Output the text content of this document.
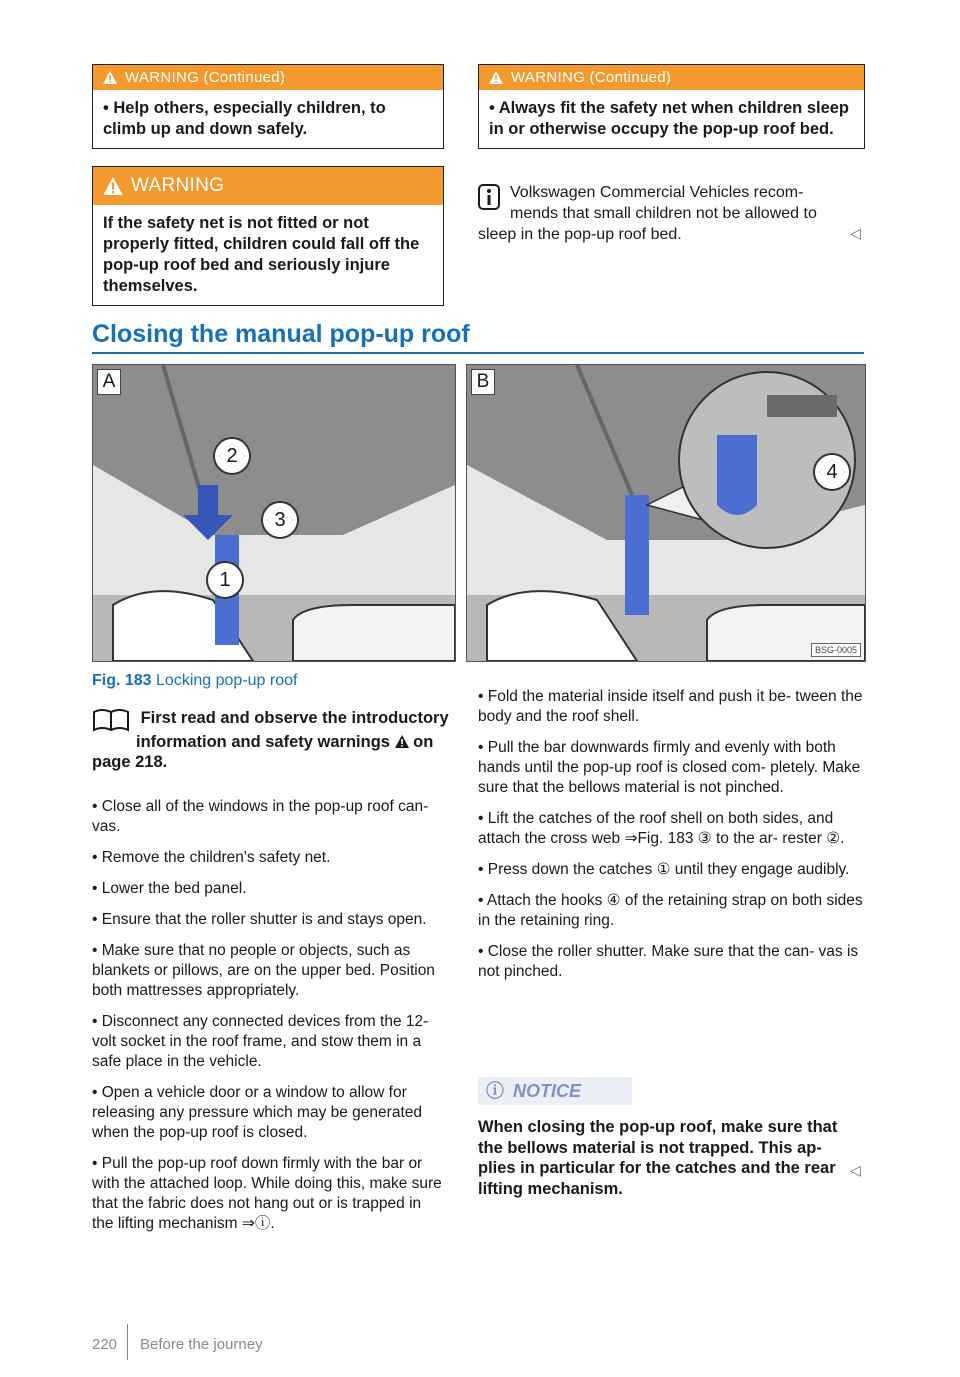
WARNING (Continued)
• Help others, especially children, to climb up and down safely.
WARNING
If the safety net is not fitted or not properly fitted, children could fall off the pop-up roof bed and seriously injure themselves.
WARNING (Continued)
• Always fit the safety net when children sleep in or otherwise occupy the pop-up roof bed.
Volkswagen Commercial Vehicles recom-
mends that small children not be allowed to
sleep in the pop-up roof bed.	◁
Closing the manual pop-up roof
A
2
3
1
B
4
BSG-0005
Fig. 183 Locking pop-up roof
First read and observe the introductory
information and safety warnings on
page 218.

• Close all of the windows in the pop-up roof can- vas.

• Remove the children's safety net.

• Lower the bed panel.

• Ensure that the roller shutter is and stays open.

• Make sure that no people or objects, such as blankets or pillows, are on the upper bed. Position both mattresses appropriately.

• Disconnect any connected devices from the 12- volt socket in the roof frame, and stow them in a safe place in the vehicle.

• Open a vehicle door or a window to allow for releasing any pressure which may be generated when the pop-up roof is closed.

• Pull the pop-up roof down firmly with the bar or with the attached loop. While doing this, make sure that the fabric does not hang out or is trapped in the lifting mechanism ⇒ⓘ.

• Fold the material inside itself and push it be- tween the body and the roof shell.

• Pull the bar downwards firmly and evenly with both hands until the pop-up roof is closed com- pletely. Make sure that the bellows material is not pinched.

• Lift the catches of the roof shell on both sides, and attach the cross web ⇒Fig. 183 ③ to the ar- rester ②.

• Press down the catches ① until they engage audibly.

• Attach the hooks ④ of the retaining strap on both sides in the retaining ring.

• Close the roller shutter. Make sure that the can- vas is not pinched.

ⓘ NOTICE
When closing the pop-up roof, make sure that the bellows material is not trapped. This ap- plies in particular for the catches and the rear lifting mechanism.
◁
220 Before the journey
